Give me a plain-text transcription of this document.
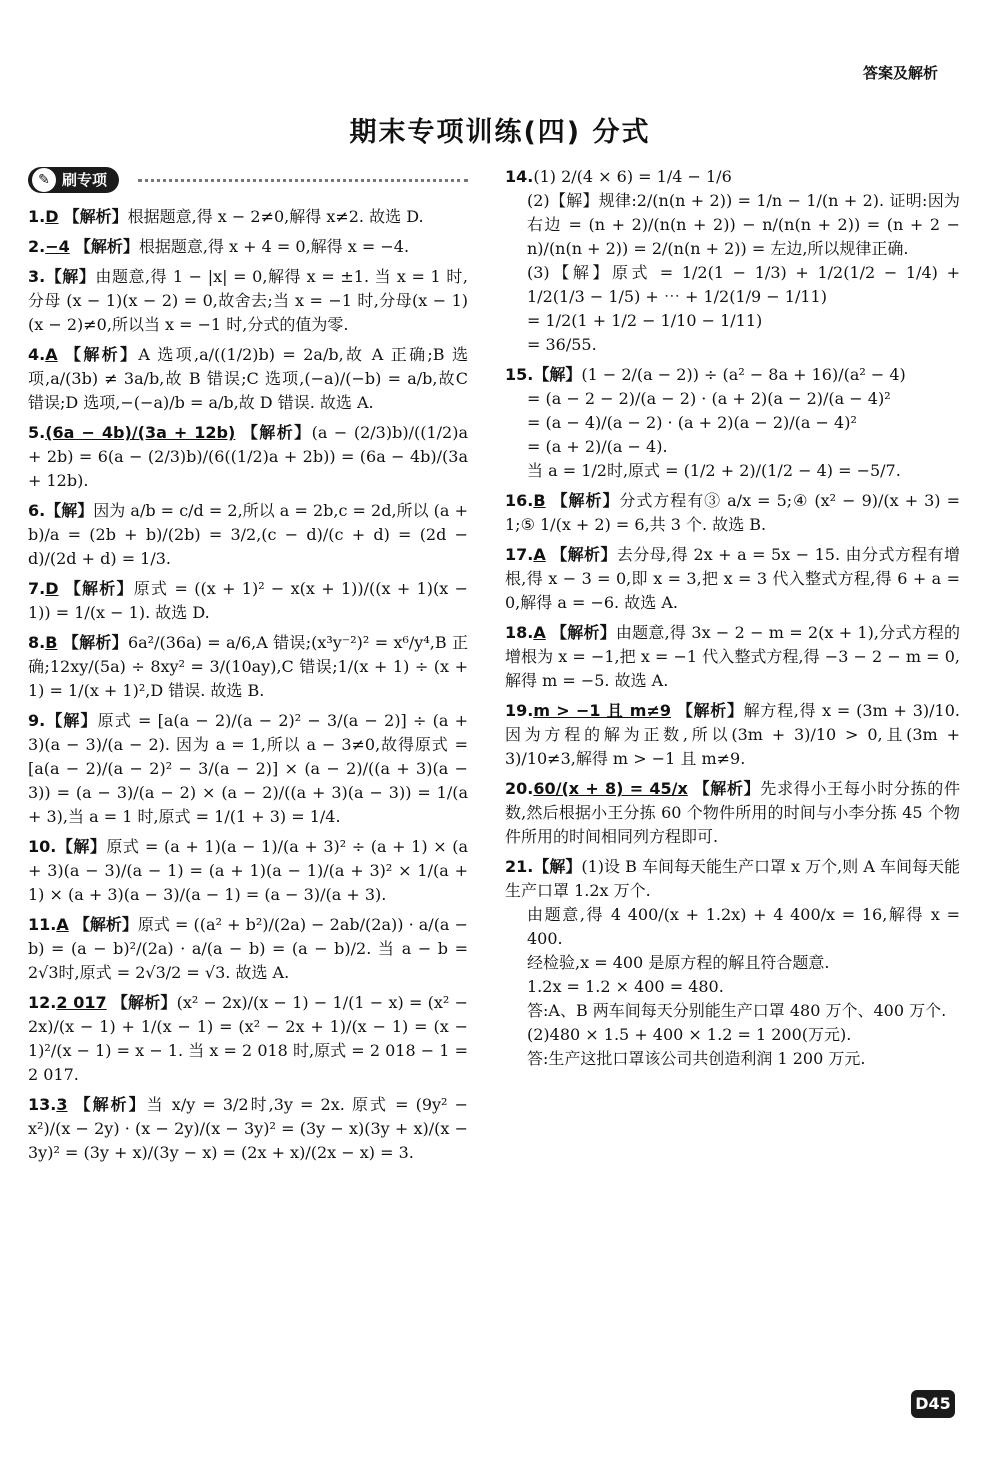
答案及解析
期末专项训练(四) 分式
✎ 刷专项
1.D 【解析】根据题意,得 x − 2≠0,解得 x≠2. 故选 D.
2.−4 【解析】根据题意,得 x + 4 = 0,解得 x = −4.
3.【解】由题意,得 1 − |x| = 0,解得 x = ±1. 当 x = 1 时,分母 (x − 1)(x − 2) = 0,故舍去;当 x = −1 时,分母(x − 1)(x − 2)≠0,所以当 x = −1 时,分式的值为零.
4.A 【解析】A 选项,a/((1/2)b) = 2a/b,故 A 正确;B 选项,a/(3b) ≠ 3a/b,故 B 错误;C 选项,(−a)/(−b) = a/b,故C 错误;D 选项,−(−a)/b = a/b,故 D 错误. 故选 A.
5.(6a − 4b)/(3a + 12b) 【解析】(a − (2/3)b)/((1/2)a + 2b) = 6(a − (2/3)b)/(6((1/2)a + 2b)) = (6a − 4b)/(3a + 12b).
6.【解】因为 a/b = c/d = 2,所以 a = 2b,c = 2d,所以 (a + b)/a = (2b + b)/(2b) = 3/2,(c − d)/(c + d) = (2d − d)/(2d + d) = 1/3.
7.D 【解析】原式 = ((x + 1)² − x(x + 1))/((x + 1)(x − 1)) = 1/(x − 1). 故选 D.
8.B 【解析】6a²/(36a) = a/6,A 错误;(x³y⁻²)² = x⁶/y⁴,B 正确;12xy/(5a) ÷ 8xy² = 3/(10ay),C 错误;1/(x + 1) ÷ (x + 1) = 1/(x + 1)²,D 错误. 故选 B.
9.【解】原式 = [a(a − 2)/(a − 2)² − 3/(a − 2)] ÷ (a + 3)(a − 3)/(a − 2). 因为 a = 1,所以 a − 3≠0,故得原式 = [a(a − 2)/(a − 2)² − 3/(a − 2)] × (a − 2)/((a + 3)(a − 3)) = (a − 3)/(a − 2) × (a − 2)/((a + 3)(a − 3)) = 1/(a + 3),当 a = 1 时,原式 = 1/(1 + 3) = 1/4.
10.【解】原式 = (a + 1)(a − 1)/(a + 3)² ÷ (a + 1) × (a + 3)(a − 3)/(a − 1) = (a + 1)(a − 1)/(a + 3)² × 1/(a + 1) × (a + 3)(a − 3)/(a − 1) = (a − 3)/(a + 3).
11.A 【解析】原式 = ((a² + b²)/(2a) − 2ab/(2a)) · a/(a − b) = (a − b)²/(2a) · a/(a − b) = (a − b)/2. 当 a − b = 2√3时,原式 = 2√3/2 = √3. 故选 A.
12.2 017 【解析】(x² − 2x)/(x − 1) − 1/(1 − x) = (x² − 2x)/(x − 1) + 1/(x − 1) = (x² − 2x + 1)/(x − 1) = (x − 1)²/(x − 1) = x − 1. 当 x = 2 018 时,原式 = 2 018 − 1 = 2 017.
13.3 【解析】当 x/y = 3/2时,3y = 2x. 原式 = (9y² − x²)/(x − 2y) · (x − 2y)/(x − 3y)² = (3y − x)(3y + x)/(x − 3y)² = (3y + x)/(3y − x) = (2x + x)/(2x − x) = 3.
14.(1) 2/(4 × 6) = 1/4 − 1/6
(2)【解】规律:2/(n(n + 2)) = 1/n − 1/(n + 2). 证明:因为右边 = (n + 2)/(n(n + 2)) − n/(n(n + 2)) = (n + 2 − n)/(n(n + 2)) = 2/(n(n + 2)) = 左边,所以规律正确.
(3)【解】原式 = 1/2(1 − 1/3) + 1/2(1/2 − 1/4) + 1/2(1/3 − 1/5) + ⋯ + 1/2(1/9 − 1/11)
= 1/2(1 + 1/2 − 1/10 − 1/11)
= 36/55.
15.【解】(1 − 2/(a − 2)) ÷ (a² − 8a + 16)/(a² − 4)
= (a − 2 − 2)/(a − 2) · (a + 2)(a − 2)/(a − 4)²
= (a − 4)/(a − 2) · (a + 2)(a − 2)/(a − 4)²
= (a + 2)/(a − 4).
当 a = 1/2时,原式 = (1/2 + 2)/(1/2 − 4) = −5/7.
16.B 【解析】分式方程有③ a/x = 5;④ (x² − 9)/(x + 3) = 1;⑤ 1/(x + 2) = 6,共 3 个. 故选 B.
17.A 【解析】去分母,得 2x + a = 5x − 15. 由分式方程有增根,得 x − 3 = 0,即 x = 3,把 x = 3 代入整式方程,得 6 + a = 0,解得 a = −6. 故选 A.
18.A 【解析】由题意,得 3x − 2 − m = 2(x + 1),分式方程的增根为 x = −1,把 x = −1 代入整式方程,得 −3 − 2 − m = 0,解得 m = −5. 故选 A.
19.m > −1 且 m≠9 【解析】解方程,得 x = (3m + 3)/10. 因为方程的解为正数,所以(3m + 3)/10 > 0,且(3m + 3)/10≠3,解得 m > −1 且 m≠9.
20.60/(x + 8) = 45/x 【解析】先求得小王每小时分拣的件数,然后根据小王分拣 60 个物件所用的时间与小李分拣 45 个物件所用的时间相同列方程即可.
21.【解】(1)设 B 车间每天能生产口罩 x 万个,则 A 车间每天能生产口罩 1.2x 万个.
由题意,得 4 400/(x + 1.2x) + 4 400/x = 16,解得 x = 400.
经检验,x = 400 是原方程的解且符合题意.
1.2x = 1.2 × 400 = 480.
答:A、B 两车间每天分别能生产口罩 480 万个、400 万个.
(2)480 × 1.5 + 400 × 1.2 = 1 200(万元).
答:生产这批口罩该公司共创造利润 1 200 万元.
D45
